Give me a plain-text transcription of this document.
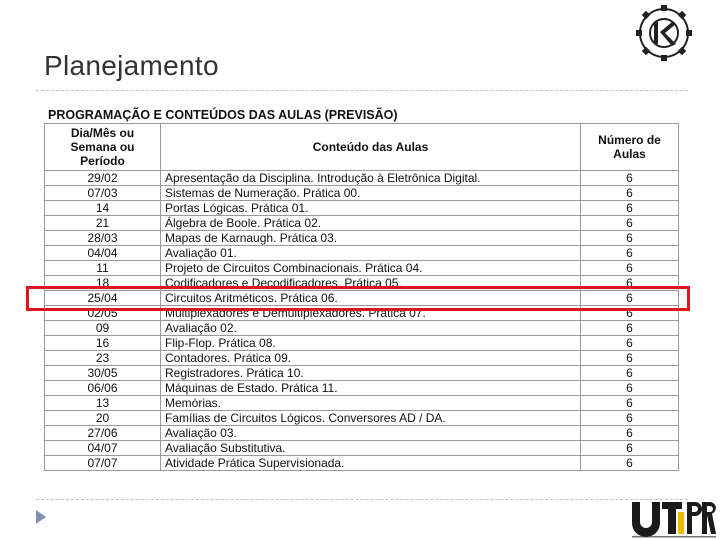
Planejamento
PROGRAMAÇÃO E CONTEÚDOS DAS AULAS (PREVISÃO)
Dia/Mês ou Semana ou Período	Conteúdo das Aulas	Número de Aulas
29/02	Apresentação da Disciplina. Introdução à Eletrônica Digital.	6
07/03	Sistemas de Numeração. Prática 00.	6
14	Portas Lógicas. Prática 01.	6
21	Álgebra de Boole. Prática 02.	6
28/03	Mapas de Karnaugh. Prática 03.	6
04/04	Avaliação 01.	6
11	Projeto de Circuitos Combinacionais. Prática 04.	6
18	Codificadores e Decodificadores. Prática 05.	6
25/04	Circuitos Aritméticos. Prática 06.	6
02/05	Multiplexadores e Demultiplexadores. Prática 07.	6
09	Avaliação 02.	6
16	Flip-Flop. Prática 08.	6
23	Contadores. Prática 09.	6
30/05	Registradores. Prática 10.	6
06/06	Máquinas de Estado. Prática 11.	6
13	Memórias.	6
20	Famílias de Circuitos Lógicos. Conversores AD / DA.	6
27/06	Avaliação 03.	6
04/07	Avaliação Substitutiva.	6
07/07	Atividade Prática Supervisionada.	6
